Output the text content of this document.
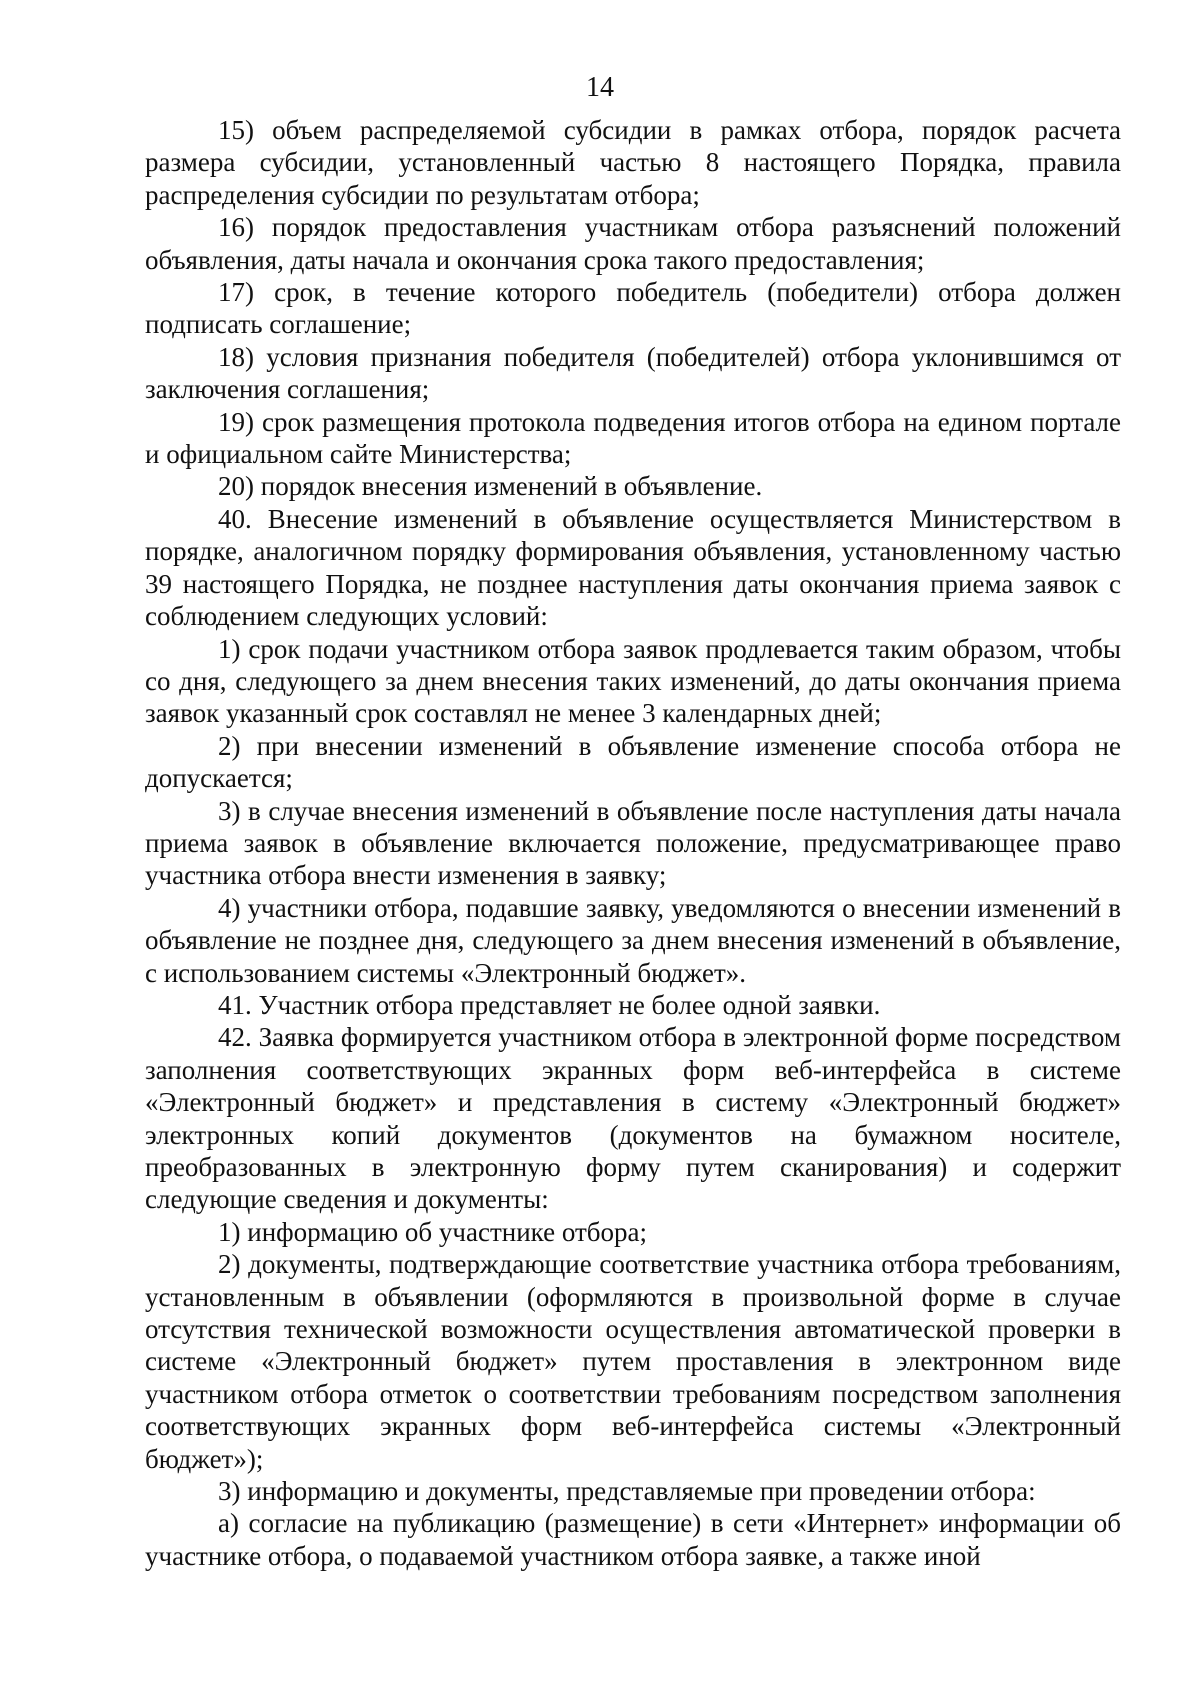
14

15) объем распределяемой субсидии в рамках отбора, порядок расчета размера субсидии, установленный частью 8 настоящего Порядка, правила распределения субсидии по результатам отбора;

16) порядок предоставления участникам отбора разъяснений положений объявления, даты начала и окончания срока такого предоставления;

17) срок, в течение которого победитель (победители) отбора должен подписать соглашение;

18) условия признания победителя (победителей) отбора уклонившимся от заключения соглашения;

19) срок размещения протокола подведения итогов отбора на едином портале и официальном сайте Министерства;

20) порядок внесения изменений в объявление.

40. Внесение изменений в объявление осуществляется Министерством в порядке, аналогичном порядку формирования объявления, установленному частью 39 настоящего Порядка, не позднее наступления даты окончания приема заявок с соблюдением следующих условий:

1) срок подачи участником отбора заявок продлевается таким образом, чтобы со дня, следующего за днем внесения таких изменений, до даты окончания приема заявок указанный срок составлял не менее 3 календарных дней;

2) при внесении изменений в объявление изменение способа отбора не допускается;

3) в случае внесения изменений в объявление после наступления даты начала приема заявок в объявление включается положение, предусматривающее право участника отбора внести изменения в заявку;

4) участники отбора, подавшие заявку, уведомляются о внесении изменений в объявление не позднее дня, следующего за днем внесения изменений в объявление, с использованием системы «Электронный бюджет».

41. Участник отбора представляет не более одной заявки.

42. Заявка формируется участником отбора в электронной форме посредством заполнения соответствующих экранных форм веб-интерфейса в системе «Электронный бюджет» и представления в систему «Электронный бюджет» электронных копий документов (документов на бумажном носителе, преобразованных в электронную форму путем сканирования) и содержит следующие сведения и документы:

1) информацию об участнике отбора;

2) документы, подтверждающие соответствие участника отбора требованиям, установленным в объявлении (оформляются в произвольной форме в случае отсутствия технической возможности осуществления автоматической проверки в системе «Электронный бюджет» путем проставления в электронном виде участником отбора отметок о соответствии требованиям посредством заполнения соответствующих экранных форм веб-интерфейса системы «Электронный бюджет»);

3) информацию и документы, представляемые при проведении отбора:

а) согласие на публикацию (размещение) в сети «Интернет» информации об участнике отбора, о подаваемой участником отбора заявке, а также иной
